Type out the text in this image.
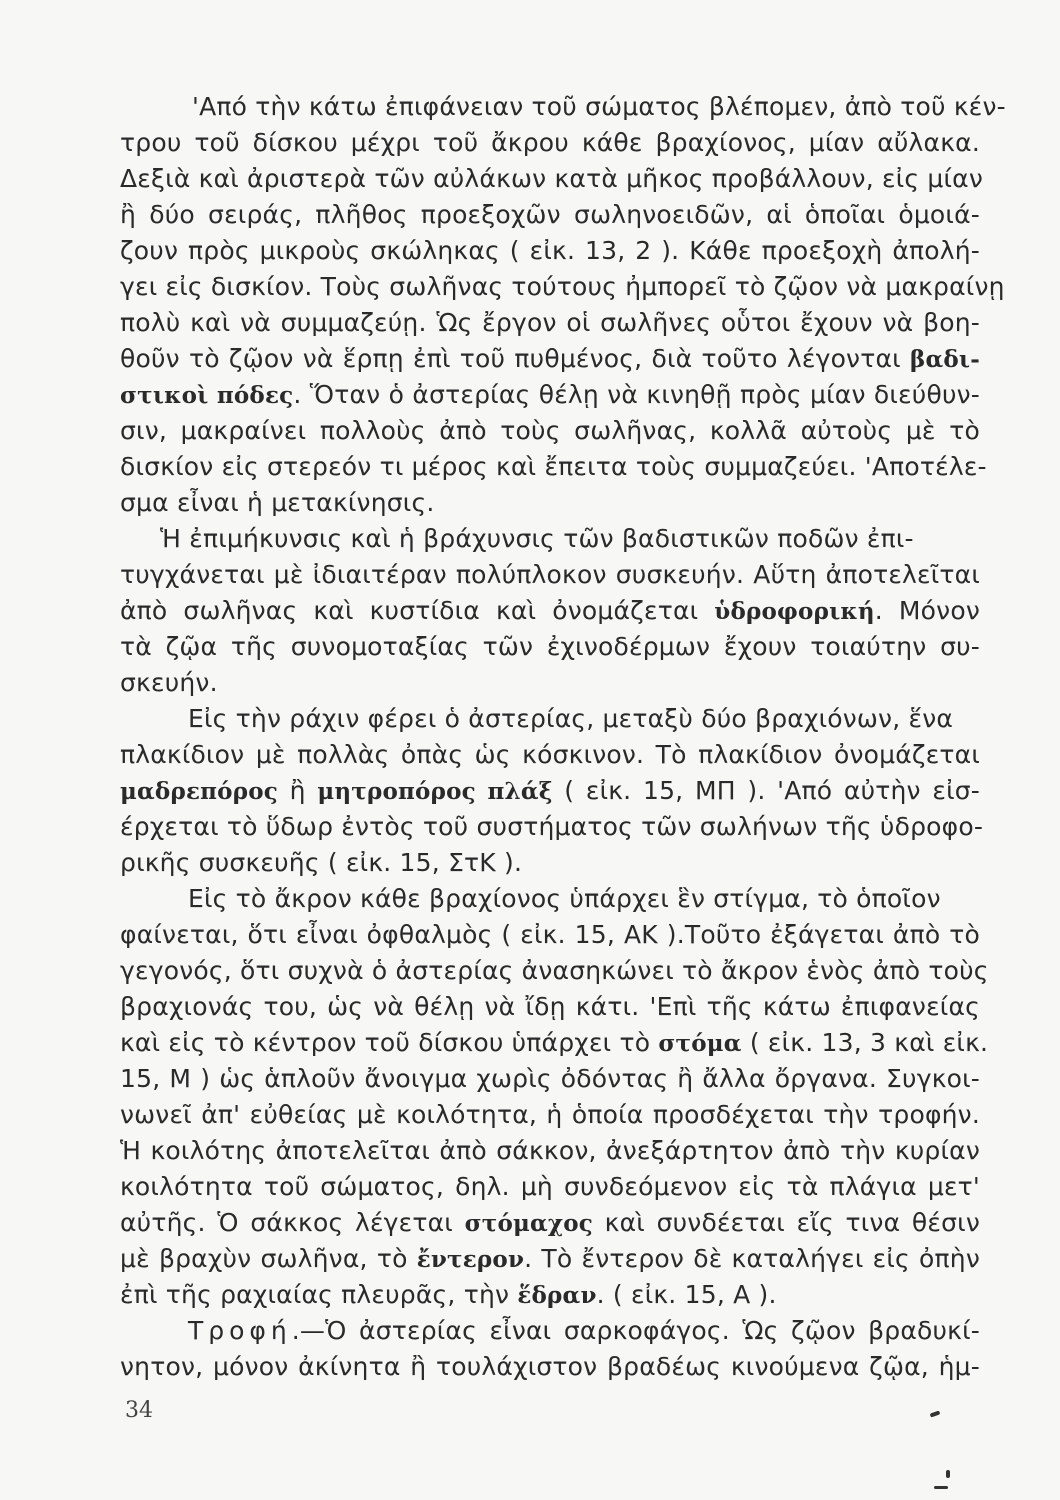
'Από τὴν κάτω ἐπιφάνειαν τοῦ σώματος βλέπομεν, ἀπὸ τοῦ κέν-
τρου τοῦ δίσκου μέχρι τοῦ ἄκρου κάθε βραχίονος, μίαν αὔλακα.
Δεξιὰ καὶ ἀριστερὰ τῶν αὐλάκων κατὰ μῆκος προβάλλουν, εἰς μίαν
ἢ δύο σειράς, πλῆθος προεξοχῶν σωληνοειδῶν, αἱ ὁποῖαι ὁμοιά-
ζουν πρὸς μικροὺς σκώληκας ( εἰκ. 13, 2 ). Κάθε προεξοχὴ ἀπολή-
γει εἰς δισκίον. Τοὺς σωλῆνας τούτους ἠμπορεῖ τὸ ζῷον νὰ μακραίνῃ
πολὺ καὶ νὰ συμμαζεύῃ. Ὡς ἔργον οἱ σωλῆνες οὗτοι ἔχουν νὰ βοη-
θοῦν τὸ ζῷον νὰ ἕρπῃ ἐπὶ τοῦ πυθμένος, διὰ τοῦτο λέγονται βαδι-
στικοὶ πόδες. Ὅταν ὁ ἀστερίας θέλῃ νὰ κινηθῇ πρὸς μίαν διεύθυν-
σιν, μακραίνει πολλοὺς ἀπὸ τοὺς σωλῆνας, κολλᾶ αὐτοὺς μὲ τὸ
δισκίον εἰς στερεόν τι μέρος καὶ ἔπειτα τοὺς συμμαζεύει. 'Αποτέλε-
σμα εἶναι ἡ μετακίνησις.
Ἡ ἐπιμήκυνσις καὶ ἡ βράχυνσις τῶν βαδιστικῶν ποδῶν ἐπι-
τυγχάνεται μὲ ἰδιαιτέραν πολύπλοκον συσκευήν. Αὕτη ἀποτελεῖται
ἀπὸ σωλῆνας καὶ κυστίδια καὶ ὀνομάζεται ὑδροφορική. Μόνον
τὰ ζῷα τῆς συνομοταξίας τῶν ἐχινοδέρμων ἔχουν τοιαύτην συ-
σκευήν.
Εἰς τὴν ράχιν φέρει ὁ ἀστερίας, μεταξὺ δύο βραχιόνων, ἕνα
πλακίδιον μὲ πολλὰς ὀπὰς ὡς κόσκινον. Τὸ πλακίδιον ὀνομάζεται
μαδρεπόρος ἢ μητροπόρος πλάξ ( εἰκ. 15, ΜΠ ). 'Από αὐτὴν εἰσ-
έρχεται τὸ ὕδωρ ἐντὸς τοῦ συστήματος τῶν σωλήνων τῆς ὑδροφο-
ρικῆς συσκευῆς ( εἰκ. 15, ΣτΚ ).
Εἰς τὸ ἄκρον κάθε βραχίονος ὑπάρχει ἓν στίγμα, τὸ ὁποῖον
φαίνεται, ὅτι εἶναι ὀφθαλμὸς ( εἰκ. 15, ΑΚ ).Τοῦτο ἐξάγεται ἀπὸ τὸ
γεγονός, ὅτι συχνὰ ὁ ἀστερίας ἀνασηκώνει τὸ ἄκρον ἑνὸς ἀπὸ τοὺς
βραχιονάς του, ὡς νὰ θέλῃ νὰ ἴδῃ κάτι. 'Επὶ τῆς κάτω ἐπιφανείας
καὶ εἰς τὸ κέντρον τοῦ δίσκου ὑπάρχει τὸ στόμα ( εἰκ. 13, 3 καὶ εἰκ.
15, Μ ) ὡς ἁπλοῦν ἄνοιγμα χωρὶς ὀδόντας ἢ ἄλλα ὄργανα. Συγκοι-
νωνεῖ ἀπ' εὐθείας μὲ κοιλότητα, ἡ ὁποία προσδέχεται τὴν τροφήν.
Ἡ κοιλότης ἀποτελεῖται ἀπὸ σάκκον, ἀνεξάρτητον ἀπὸ τὴν κυρίαν
κοιλότητα τοῦ σώματος, δηλ. μὴ συνδεόμενον εἰς τὰ πλάγια μετ'
αὐτῆς. Ὁ σάκκος λέγεται στόμαχος καὶ συνδέεται εἴς τινα θέσιν
μὲ βραχὺν σωλῆνα, τὸ ἔντερον. Τὸ ἔντερον δὲ καταλήγει εἰς ὀπὴν
ἐπὶ τῆς ραχιαίας πλευρᾶς, τὴν ἕδραν. ( εἰκ. 15, Α ).
Τροφή.—Ὁ ἀστερίας εἶναι σαρκοφάγος. Ὡς ζῷον βραδυκί-
νητον, μόνον ἀκίνητα ἢ τουλάχιστον βραδέως κινούμενα ζῷα, ἡμ-
34
